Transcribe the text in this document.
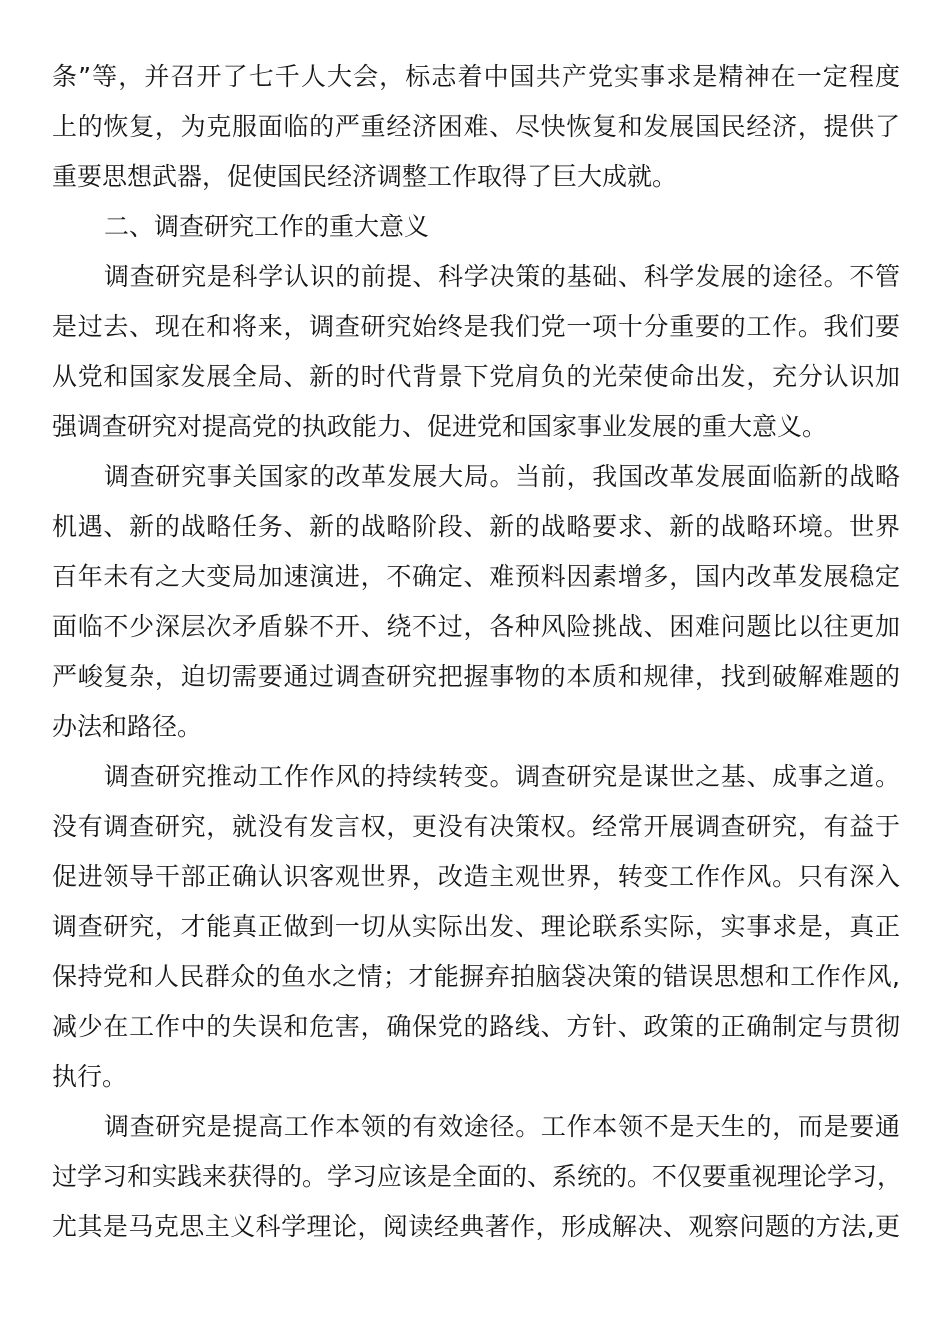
条”等，并召开了七千人大会，标志着中国共产党实事求是精神在一定程度
上的恢复，为克服面临的严重经济困难、尽快恢复和发展国民经济，提供了
重要思想武器，促使国民经济调整工作取得了巨大成就。
二、调查研究工作的重大意义
调查研究是科学认识的前提、科学决策的基础、科学发展的途径。不管
是过去、现在和将来，调查研究始终是我们党一项十分重要的工作。我们要
从党和国家发展全局、新的时代背景下党肩负的光荣使命出发，充分认识加
强调查研究对提高党的执政能力、促进党和国家事业发展的重大意义。
调查研究事关国家的改革发展大局。当前，我国改革发展面临新的战略
机遇、新的战略任务、新的战略阶段、新的战略要求、新的战略环境。世界
百年未有之大变局加速演进，不确定、难预料因素增多，国内改革发展稳定
面临不少深层次矛盾躲不开、绕不过，各种风险挑战、困难问题比以往更加
严峻复杂，迫切需要通过调查研究把握事物的本质和规律，找到破解难题的
办法和路径。
调查研究推动工作作风的持续转变。调查研究是谋世之基、成事之道。
没有调查研究，就没有发言权，更没有决策权。经常开展调查研究，有益于
促进领导干部正确认识客观世界，改造主观世界，转变工作作风。只有深入
调查研究，才能真正做到一切从实际出发、理论联系实际，实事求是，真正
保持党和人民群众的鱼水之情；才能摒弃拍脑袋决策的错误思想和工作作风,
减少在工作中的失误和危害，确保党的路线、方针、政策的正确制定与贯彻
执行。
调查研究是提高工作本领的有效途径。工作本领不是天生的，而是要通
过学习和实践来获得的。学习应该是全面的、系统的。不仅要重视理论学习，
尤其是马克思主义科学理论，阅读经典著作，形成解决、观察问题的方法,更
